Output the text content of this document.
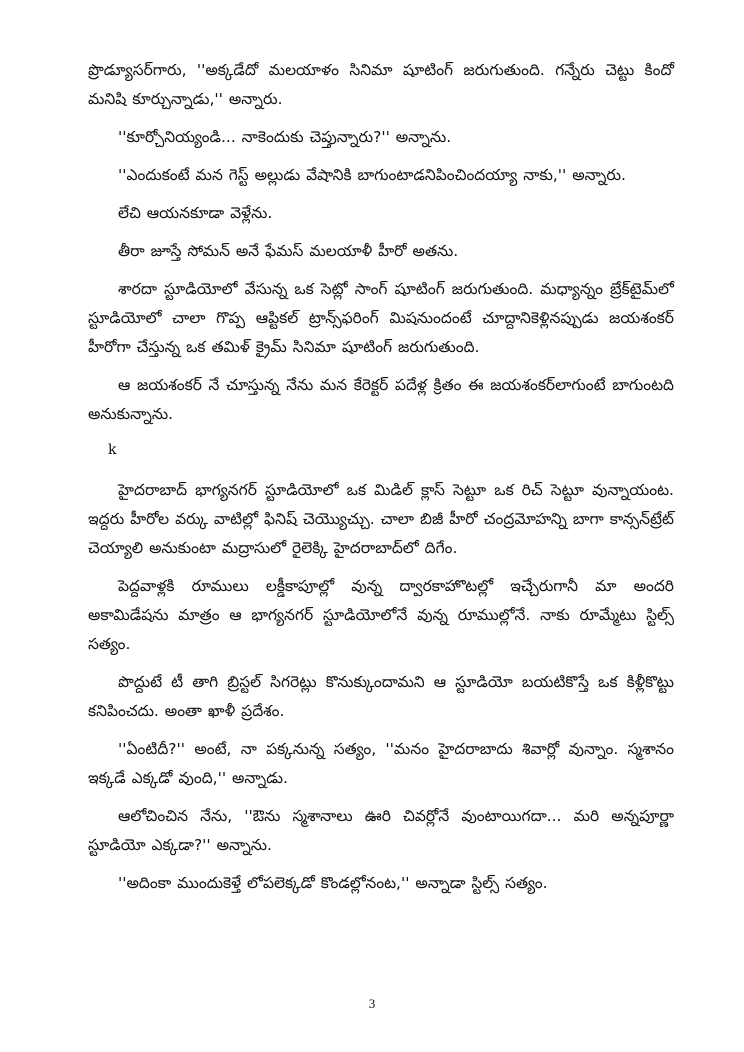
ప్రొడ్యూసర్‌గారు, ''అక్కడేదో మలయాళం సినిమా షూటింగ్‌ జరుగుతుంది. గన్నేరు చెట్టు కిందో మనిషి కూర్చున్నాడు,'' అన్నారు.

''కూర్చోనియ్యండి... నాకెందుకు చెప్తున్నారు?'' అన్నాను.

''ఎందుకంటే మన గెస్ట్‌ అల్లుడు వేషానికి బాగుంటాడనిపించిందయ్యా నాకు,'' అన్నారు.

లేచి ఆయనకూడా వెళ్లేను.

తీరా జూస్తే సోమన్‌ అనే ఫేమస్‌ మలయాళీ హీరో అతను.

శారదా స్టూడియోలో వేసున్న ఒక సెట్లో సాంగ్‌ షూటింగ్‌ జరుగుతుంది. మధ్యాన్నం బ్రేక్‌టైమ్‌లో స్టూడియోలో చాలా గొప్ప ఆప్టికల్‌ ట్రాన్స్‌ఫరింగ్‌ మిషనుందంటే చూద్దానికెళ్లినప్పుడు జయశంకర్‌ హీరోగా చేస్తున్న ఒక తమిళ్‌ క్రైమ్‌ సినిమా షూటింగ్‌ జరుగుతుంది.

ఆ జయశంకర్‌ నే చూస్తున్న నేను మన కేరెక్టర్‌ పదేళ్ల క్రితం ఈ జయశంకర్‌లాగుంటే బాగుంటది అనుకున్నాను.

k

హైదరాబాద్‌ భాగ్యనగర్‌ స్టూడియోలో ఒక మిడిల్‌ క్లాస్‌ సెట్టూ ఒక రిచ్‌ సెట్టూ వున్నాయంట. ఇద్దరు హీరోల వర్కు వాటిల్లో ఫినిష్‌ చెయ్యొచ్చు. చాలా బిజీ హీరో చంద్రమోహన్ని బాగా కాన్సన్‌ట్రేట్‌ చెయ్యాలి అనుకుంటా మద్రాసులో రైలెక్కి హైదరాబాద్‌లో దిగేం.

పెద్దవాళ్లకి రూములు లక్డీకాపూల్లో వున్న ద్వారకాహొటల్లో ఇచ్చేరుగానీ మా అందరి అకామిడేషను మాత్రం ఆ భాగ్యనగర్‌ స్టూడియోలోనే వున్న రూముల్లోనే. నాకు రూమ్మేటు స్టిల్స్‌ సత్యం.

పొద్దుటే టీ తాగి బ్రిస్టల్‌ సిగరెట్లు కొనుక్కుందామని ఆ స్టూడియో బయటికొస్తే ఒక కిళ్లీకొట్టు కనిపించదు. అంతా ఖాళీ ప్రదేశం.

''ఏంటిదీ?'' అంటే, నా పక్కనున్న సత్యం, ''మనం హైదరాబాదు శివార్లో వున్నాం. స్మశానం ఇక్కడే ఎక్కడో వుంది,'' అన్నాడు.

ఆలోచించిన నేను, ''ఔను స్మశానాలు ఊరి చివర్లోనే వుంటాయిగదా... మరి అన్నపూర్ణా స్టూడియో ఎక్కడా?'' అన్నాను.

''అదింకా ముందుకెళ్తే లోపలెక్కడో కొండల్లోనంట,'' అన్నాడా స్టిల్స్‌ సత్యం.

3
